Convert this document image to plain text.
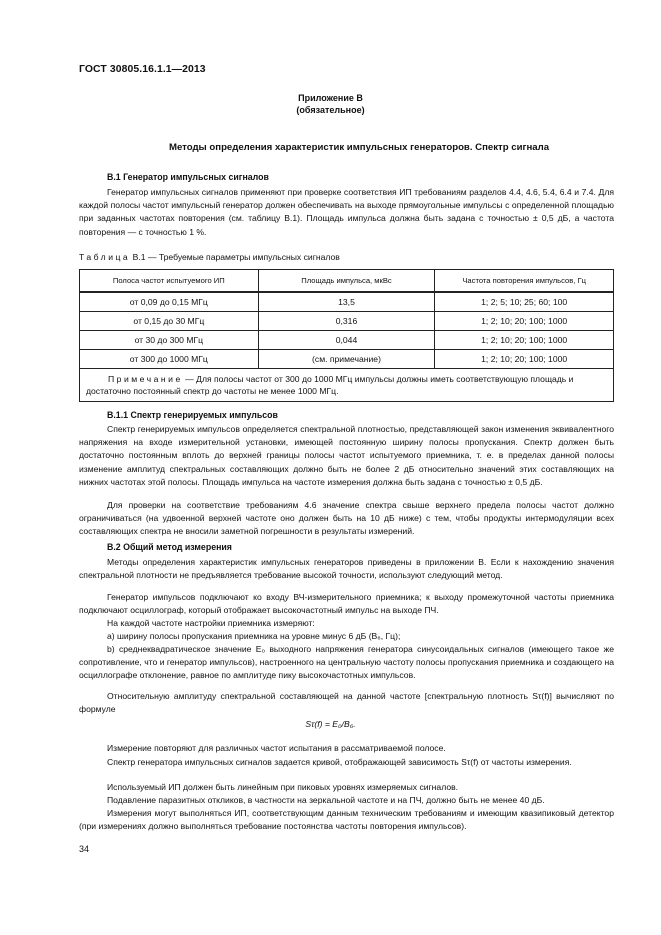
ГОСТ 30805.16.1.1—2013
Приложение В
(обязательное)
Методы определения характеристик импульсных генераторов. Спектр сигнала
В.1 Генератор импульсных сигналов
Генератор импульсных сигналов применяют при проверке соответствия ИП требованиям разделов 4.4, 4.6, 5.4, 6.4 и 7.4. Для каждой полосы частот импульсный генератор должен обеспечивать на выходе прямоугольные импульсы с определенной площадью при заданных частотах повторения (см. таблицу В.1). Площадь импульса должна быть задана с точностью ± 0,5 дБ, а частота повторения — с точностью 1 %.
Таблица В.1 — Требуемые параметры импульсных сигналов
Полоса частот испытуемого ИП	Площадь импульса, мкВс	Частота повторения импульсов, Гц
от 0,09 до 0,15 МГц	13,5	1; 2; 5; 10; 25; 60; 100
от 0,15 до 30 МГц	0,316	1; 2; 10; 20; 100; 1000
от 30 до 300 МГц	0,044	1; 2; 10; 20; 100; 1000
от 300 до 1000 МГц	(см. примечание)	1; 2; 10; 20; 100; 1000
Примечание — Для полосы частот от 300 до 1000 МГц импульсы должны иметь соответствующую площадь и достаточно постоянный спектр до частоты не менее 1000 МГц.		
В.1.1 Спектр генерируемых импульсов
Спектр генерируемых импульсов определяется спектральной плотностью, представляющей закон изменения эквивалентного напряжения на входе измерительной установки, имеющей постоянную ширину полосы пропускания. Спектр должен быть достаточно постоянным вплоть до верхней границы полосы частот испытуемого приемника, т. е. в пределах данной полосы изменение амплитуд спектральных составляющих должно быть не более 2 дБ относительно значений этих составляющих на нижних частотах этой полосы. Площадь импульса на частоте измерения должна быть задана с точностью ± 0,5 дБ.
Для проверки на соответствие требованиям 4.6 значение спектра свыше верхнего предела полосы частот должно ограничиваться (на удвоенной верхней частоте оно должен быть на 10 дБ ниже) с тем, чтобы продукты интермодуляции всех составляющих спектра не вносили заметной погрешности в результаты измерений.
В.2 Общий метод измерения
Методы определения характеристик импульсных генераторов приведены в приложении В. Если к нахождению значения спектральной плотности не предъявляется требование высокой точности, используют следующий метод.
Генератор импульсов подключают ко входу ВЧ-измерительного приемника; к выходу промежуточной частоты приемника подключают осциллограф, который отображает высокочастотный импульс на выходе ПЧ.
На каждой частоте настройки приемника измеряют:
а) ширину полосы пропускания приемника на уровне минус 6 дБ (B₆, Гц);
b) среднеквадратическое значение E₀ выходного напряжения генератора синусоидальных сигналов (имеющего такое же сопротивление, что и генератор импульсов), настроенного на центральную частоту полосы пропускания приемника и создающего на осциллографе отклонение, равное по амплитуде пику высокочастотных импульсов.
Относительную амплитуду спектральной составляющей на данной частоте [спектральную плотность Sτ(f)] вычисляют по формуле
Sτ(f) = E₀/B₆.
Измерение повторяют для различных частот испытания в рассматриваемой полосе.
Спектр генератора импульсных сигналов задается кривой, отображающей зависимость Sτ(f) от частоты измерения.
Используемый ИП должен быть линейным при пиковых уровнях измеряемых сигналов.
Подавление паразитных откликов, в частности на зеркальной частоте и на ПЧ, должно быть не менее 40 дБ.
Измерения могут выполняться ИП, соответствующим данным техническим требованиям и имеющим квазипиковый детектор (при измерениях должно выполняться требование постоянства частоты повторения импульсов).
34
